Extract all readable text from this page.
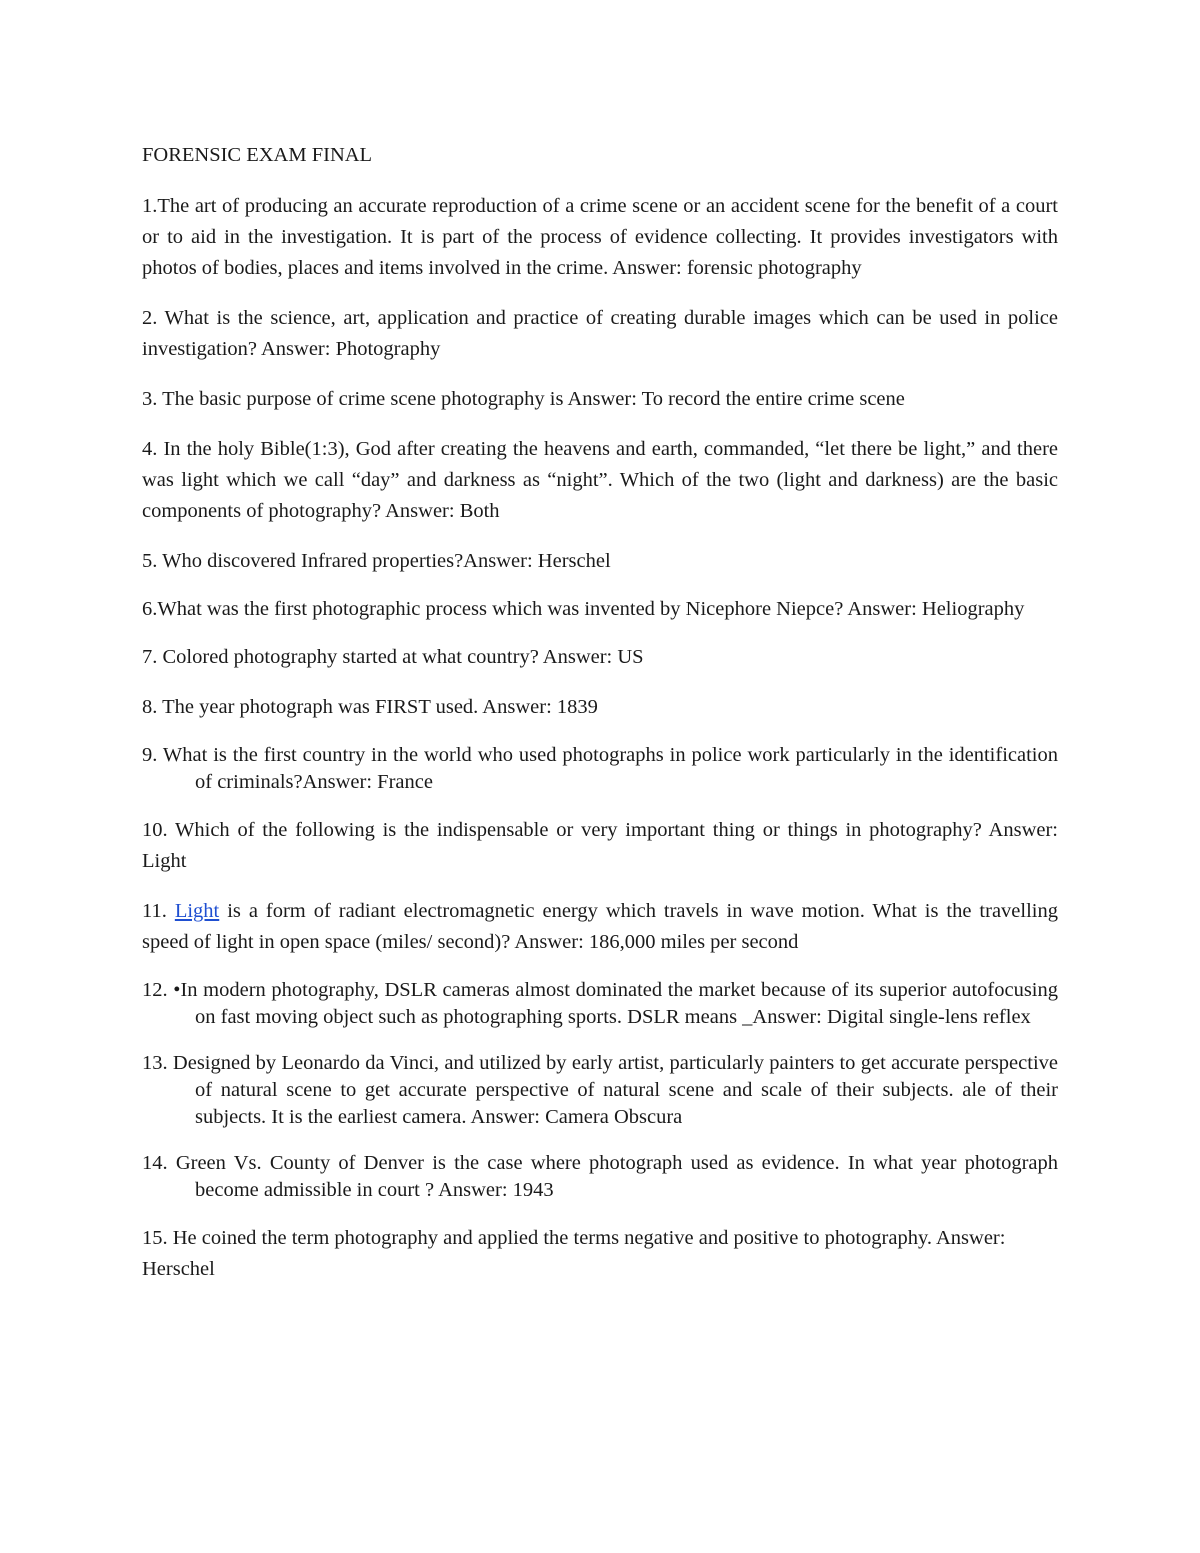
FORENSIC EXAM FINAL

1.The art of producing an accurate reproduction of a crime scene or an accident scene for the benefit of a court or to aid in the investigation. It is part of the process of evidence collecting. It provides investigators with photos of bodies, places and items involved in the crime. Answer: forensic photography

2. What is the science, art, application and practice of creating durable images which can be used in police investigation? Answer: Photography

3. The basic purpose of crime scene photography is Answer: To record the entire crime scene

4. In the holy Bible(1:3), God after creating the heavens and earth, commanded, “let there be light,” and there was light which we call “day” and darkness as “night”. Which of the two (light and darkness) are the basic components of photography? Answer: Both

5. Who discovered Infrared properties?Answer: Herschel

6.What was the first photographic process which was invented by Nicephore Niepce? Answer: Heliography

7. Colored photography started at what country? Answer: US

8. The year photograph was FIRST used. Answer: 1839

9. What is the first country in the world who used photographs in police work particularly in the identification of criminals?Answer: France

10. Which of the following is the indispensable or very important thing or things in photography? Answer: Light

11. Light is a form of radiant electromagnetic energy which travels in wave motion. What is the travelling speed of light in open space (miles/ second)? Answer: 186,000 miles per second

12. •In modern photography, DSLR cameras almost dominated the market because of its superior autofocusing on fast moving object such as photographing sports. DSLR means _Answer: Digital single-lens reflex

13. Designed by Leonardo da Vinci, and utilized by early artist, particularly painters to get accurate perspective of natural scene to get accurate perspective of natural scene and scale of their subjects. ale of their subjects. It is the earliest camera. Answer: Camera Obscura

14. Green Vs. County of Denver is the case where photograph used as evidence. In what year photograph become admissible in court ? Answer: 1943

15. He coined the term photography and applied the terms negative and positive to photography. Answer: Herschel
